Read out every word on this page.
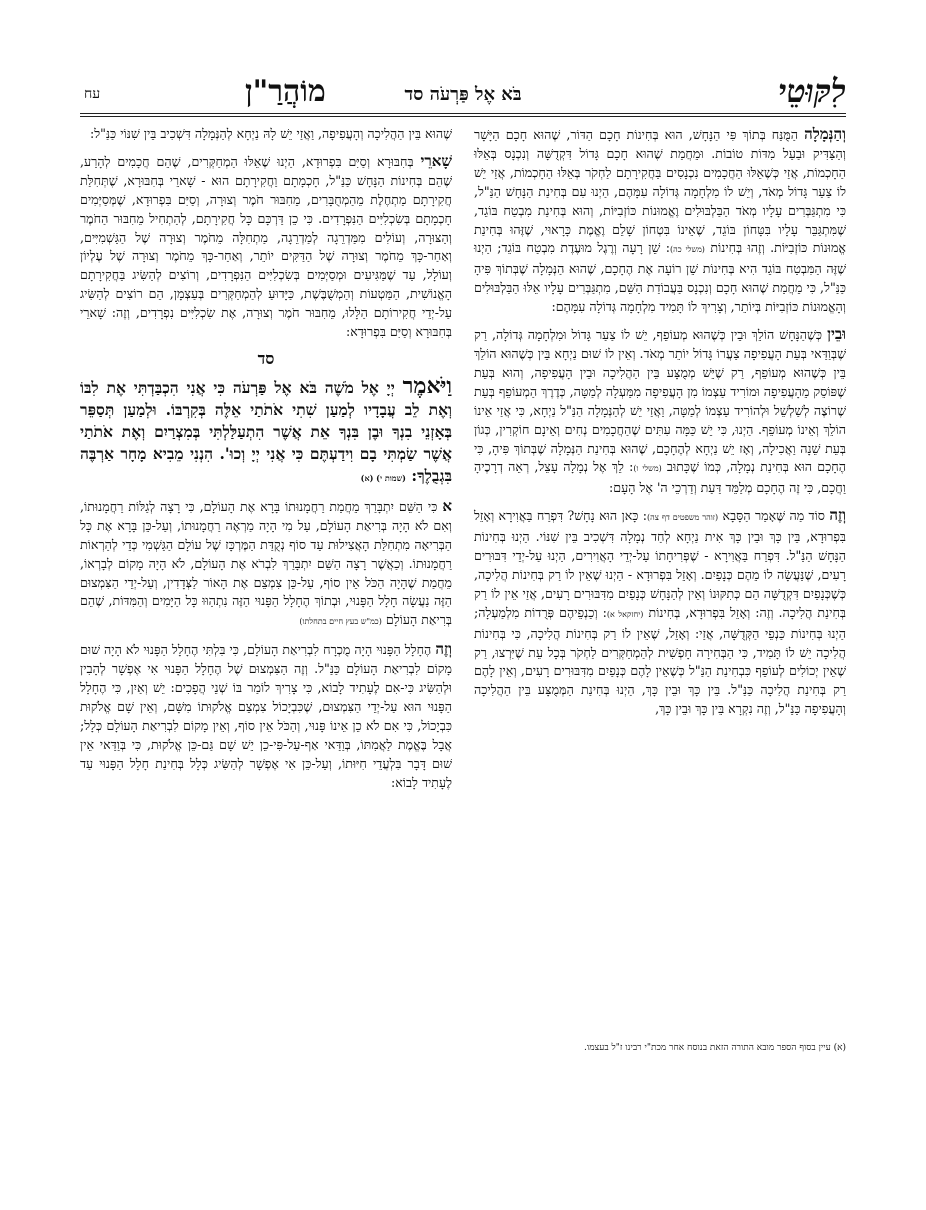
לִקּוּטֵי
בֹּא אֶל פַּרְעֹה סד
מוֹהֲרַ"ן
עח

וְהַנְּמָלָה הַמֻּנַּח בְּתוֹךְ פִּי הַנָּחָשׁ, הוּא בְּחִינוֹת חָכָם הַדּוֹר, שֶׁהוּא חָכָם הַיָּשָׁר וְהַצַּדִּיק וּבַעַל מִדּוֹת טוֹבוֹת. וּמֵחֲמַת שֶׁהוּא חָכָם גָּדוֹל דִּקְדֻשָּׁה וְנִכְנָס בְּאֵלּוּ הַחָכְמוֹת, אֲזַי כְּשֶׁאֵלּוּ הַחֲכָמִים נִכְנָסִים בַּחֲקִירָתָם לַחְקֹר בְּאֵלּוּ הַחָכְמוֹת, אֲזַי יֵשׁ לוֹ צַעַר גָּדוֹל מְאֹד, וְיֵשׁ לוֹ מִלְחָמָה גְּדוֹלָה עִמָּהֶם, הַיְנוּ עִם בְּחִינַת הַנָּחָשׁ הַנַּ"ל, כִּי מִתְגַּבְּרִים עָלָיו מְאֹד הַבַּלְבּוּלִים וֶאֱמוּנוֹת כּוֹזְבִיּוֹת, וְהוּא בְּחִינַת מִבְטַח בּוֹגֵד, שֶׁמִּתְגַּבֵּר עָלָיו בִּטָּחוֹן בּוֹגֵד, שֶׁאֵינוֹ בִּטְחוֹן שָׁלֵם וֶאֱמֶת כָּרָאוּי, שֶׁזֶּהוּ בְּחִינַת אֱמוּנוֹת כּוֹזְבִיּוֹת. וְזֶהוּ בְּחִינוֹת (משלי כה): שֵׁן רָעָה וְרֶגֶל מוּעֶדֶת מִבְטַח בּוֹגֵד; הַיְנוּ שֶׁזֶּה הַמִּבְטַח בּוֹגֵד הִיא בְּחִינוֹת שֵׁן רוֹעָה אֶת הֶחָכָם, שֶׁהוּא הַנְּמָלָה שֶׁבְּתוֹךְ פִּיהָ כַּנַּ"ל, כִּי מֵחֲמַת שֶׁהוּא חָכָם וְנִכְנָס בַּעֲבוֹדַת הַשֵּׁם, מִתְגַּבְּרִים עָלָיו אֵלּוּ הַבַּלְבּוּלִים וְהָאֱמוּנוֹת כּוֹזְבִיּוֹת בְּיוֹתֵר, וְצָרִיךְ לוֹ תָּמִיד מִלְחָמָה גְּדוֹלָה עִמָּהֶם:

וּבֵין כְּשֶׁהַנָּחָשׁ הוֹלֵךְ וּבֵין כְּשֶׁהוּא מְעוֹפֵף, יֵשׁ לוֹ צַעַר גָּדוֹל וּמִלְחָמָה גְּדוֹלָה, רַק שֶׁבְּוַדַּאי בְּעֵת הָעֲפִיפָה צַעֲרוֹ גָּדוֹל יוֹתֵר מְאֹד. וְאֵין לוֹ שׁוּם נַיְחָא בֵּין כְּשֶׁהוּא הוֹלֵךְ בֵּין כְּשֶׁהוּא מְעוֹפֵף, רַק שֶׁיֵּשׁ מְמֻצָּע בֵּין הַהֲלִיכָה וּבֵין הָעֲפִיפָה, וְהוּא בְּעֵת שֶׁפּוֹסֵק מֵהָעֲפִיפָה וּמוֹרִיד עַצְמוֹ מִן הָעֲפִיפָה מִמַּעְלָה לְמַטָּה, כְּדֶרֶךְ הַמְעוֹפֵף בְּעֵת שֶׁרוֹצֶה לְשַׁלְשֵׁל וּלְהוֹרִיד עַצְמוֹ לְמַטָּה, וַאֲזַי יֵשׁ לְהַנְּמָלָה הַנַּ"ל נַיְחָא, כִּי אֲזַי אֵינוֹ הוֹלֵךְ וְאֵינוֹ מְעוֹפֵף. הַיְנוּ, כִּי יֵשׁ כַּמָּה עִתִּים שֶׁהַחֲכָמִים נְחִים וְאֵינָם חוֹקְרִין, כְּגוֹן בְּעֵת שֵׁנָה וַאֲכִילָה, וְאָז יֵשׁ נַיְחָא לְהֶחָכָם, שֶׁהוּא בְּחִינַת הַנְּמָלָה שֶׁבְּתוֹךְ פִּיהָ, כִּי הֶחָכָם הוּא בְּחִינַת נְמָלָה, כְּמוֹ שֶׁכָּתוּב (משלי ו): לֵךְ אֶל נְמָלָה עָצֵל, רְאֵה דְרָכֶיהָ וַחֲכָם, כִּי זֶה הֶחָכָם מְלַמֵּד דַּעַת וְדַרְכֵי ה' אֶל הָעָם:

וְזֶה סוֹד מַה שֶּׁאָמַר הַסָּבָא (זוהר משפטים דף צה): כָּאן הוּא נָחָשׁ? דִּפְרַח בַּאֲוִירָא וְאָזֵל בִּפְרוּדָא, בֵּין כָּךְ וּבֵין כָּךְ אִית נַיְחָא לְחַד נְמָלָה דִּשְׁכִיב בֵּין שִׁנּוֹי. הַיְנוּ בְּחִינוֹת הַנָּחָשׁ הַנַּ"ל. דִּפְרַח בַּאֲוִירָא - שֶׁפְּרִיחָתוֹ עַל-יְדֵי הָאֲוִירִים, הַיְנוּ עַל-יְדֵי דִּבּוּרִים רָעִים, שֶׁנַּעֲשָׂה לוֹ מֵהֶם כְּנָפַיִם. וְאָזֵל בִּפְרוּדָא - הַיְנוּ שֶׁאֵין לוֹ רַק בְּחִינוֹת הֲלִיכָה, כְּשֶׁכְּנָפַיִם דִּקְדֻשָּׁה הֵם כְּתִקּוּנוֹ וְאֵין לְהַנָּחָשׁ כְּנָפַיִם מִדִּבּוּרִים רָעִים, אֲזַי אֵין לוֹ רַק בְּחִינַת הֲלִיכָה. וְזֶה: וְאָזֵל בִּפְרוּדָא, בְּחִינוֹת (יחזקאל א): וְכַנְפֵיהֶם פְּרֻדוֹת מִלְמַעְלָה; הַיְנוּ בְּחִינוֹת כַּנְפֵי הַקְּדֻשָּׁה, אֲזַי: וְאָזֵל, שֶׁאֵין לוֹ רַק בְּחִינוֹת הֲלִיכָה, כִּי בְּחִינוֹת הֲלִיכָה יֵשׁ לוֹ תָּמִיד, כִּי הַבְּחִירָה חָפְשִׁית לְהַמְחַקְּרִים לַחְקֹר בְּכָל עֵת שֶׁיִּרְצוּ, רַק שֶׁאֵין יְכוֹלִים לְעוֹפֵף כִּבְחִינַת הַנַּ"ל כְּשֶׁאֵין לָהֶם כְּנָפַיִם מִדִּבּוּרִים רָעִים, וְאֵין לָהֶם רַק בְּחִינַת הֲלִיכָה כַּנַּ"ל. בֵּין כָּךְ וּבֵין כָּךְ, הַיְנוּ בְּחִינַת הַמְּמֻצָּע בֵּין הַהֲלִיכָה וְהָעֲפִיפָה כַּנַּ"ל, וְזֶה נִקְרָא בֵּין כָּךְ וּבֵין כָּךְ,

שֶׁהוּא בֵּין הַהֲלִיכָה וְהָעֲפִיפָה, וַאֲזַי יֵשׁ לָהּ נַיְחָא לְהַנְּמָלָה דִּשְׁכִיב בֵּין שִׁנּוֹי כַּנַּ"ל:

שָׁארֵי בְּחִבּוּרָא וְסַיִּם בִּפְרוּדָא, הַיְנוּ שֶׁאֵלּוּ הַמְחַקְּרִים, שֶׁהֵם חֲכָמִים לְהָרַע, שֶׁהֵם בְּחִינוֹת הַנָּחָשׁ כַּנַּ"ל, חָכְמָתָם וַחֲקִירָתָם הוּא - שָׁארֵי בְּחִבּוּרָא, שֶׁתְּחִלַּת חֲקִירָתָם מַתְחֶלֶת מֵהַמְחֻבָּרִים, מֵחִבּוּר חֹמֶר וְצוּרָה, וְסַיִּם בִּפְרוּדָא, שֶׁמְּסַיְּמִים חָכְמָתָם בְּשִׂכְלִיִּים הַנִּפְרָדִים. כִּי כֵן דַּרְכָּם כָּל חֲקִירָתָם, לְהַתְחִיל מֵחִבּוּר הַחֹמֶר וְהַצּוּרָה, וְעוֹלִים מִמַּדְרֵגָה לְמַדְרֵגָה, מַתְחִלָּה מֵחֹמֶר וְצוּרָה שֶׁל הַגַּשְׁמִיִּים, וְאַחַר-כָּךְ מֵחֹמֶר וְצוּרָה שֶׁל הַדַּקִּים יוֹתֵר, וְאַחַר-כָּךְ מֵחֹמֶר וְצוּרָה שֶׁל עֶלְיוֹן וְעוֹלָל, עַד שֶׁמַּגִּיעִים וּמְסַיְּמִים בְּשִׂכְלִיִּים הַנִּפְרָדִים, וְרוֹצִים לְהַשִּׂיג בַּחֲקִירָתָם הָאֱנוֹשִׁית, הַמַּטְעוֹת וְהַמְשֻׁבֶּשֶׁת, כַּיָּדוּעַ לְהַמְחַקְּרִים בְּעַצְמָן, הֵם רוֹצִים לְהַשִּׂיג עַל-יְדֵי חֲקִירוֹתָם הַלָּלוּ, מֵחִבּוּר חֹמֶר וְצוּרָה, אֶת שִׂכְלִיִּים נִפְרָדִים, וְזֶה: שָׁארֵי בְּחִבּוּרָא וְסַיִּם בִּפְרוּדָא:

סד

וַיֹּאמֶר יְיָ אֶל מֹשֶׁה בֹּא אֶל פַּרְעֹה כִּי אֲנִי הִכְבַּדְתִּי אֶת לִבּוֹ וְאֶת לֵב עֲבָדָיו לְמַעַן שִׁתִי אֹתֹתַי אֵלֶּה בְּקִרְבּוֹ. וּלְמַעַן תְּסַפֵּר בְּאָזְנֵי בִנְךָ וּבֶן בִּנְךָ אֵת אֲשֶׁר הִתְעַלַּלְתִּי בְּמִצְרַיִם וְאֶת אֹתֹתַי אֲשֶׁר שַׂמְתִּי בָם וִידַעְתֶּם כִּי אֲנִי יְיָ וְכוּ'. הִנְנִי מֵבִיא מָחָר אַרְבֶּה בִּגְבֻלֶךָ: (שמות י) (א)

א כִּי הַשֵּׁם יִתְבָּרַךְ מֵחֲמַת רַחֲמָנוּתוֹ בָּרָא אֶת הָעוֹלָם, כִּי רָצָה לְגַלּוֹת רַחֲמָנוּתוֹ, וְאִם לֹא הָיָה בְּרִיאַת הָעוֹלָם, עַל מִי הָיָה מַרְאֶה רַחֲמָנוּתוֹ, וְעַל-כֵּן בָּרָא אֶת כָּל הַבְּרִיאָה מִתְחִלַּת הָאֲצִילוּת עַד סוֹף נְקֻדַּת הַמֶּרְכָּז שֶׁל עוֹלָם הַגַּשְׁמִי כְּדֵי לְהַרְאוֹת רַחֲמָנוּתוֹ. וְכַאֲשֶׁר רָצָה הַשֵּׁם יִתְבָּרַךְ לִבְרֹא אֶת הָעוֹלָם, לֹא הָיָה מָקוֹם לְבָרְאוֹ, מֵחֲמַת שֶׁהָיָה הַכֹּל אֵין סוֹף, עַל-כֵּן צִמְצֵם אֶת הָאוֹר לַצְּדָדִין, וְעַל-יְדֵי הַצִּמְצוּם הַזֶּה נַעֲשָׂה חָלָל הַפָּנוּי, וּבְתוֹךְ הֶחָלָל הַפָּנוּי הַזֶּה נִתְהַוּוּ כָּל הַיָּמִים וְהַמִּדּוֹת, שֶׁהֵם בְּרִיאַת הָעוֹלָם (כמ"ש בעץ חיים בתחלתו)

וְזֶה הֶחָלָל הַפָּנוּי הָיָה מֻכְרָח לִבְרִיאַת הָעוֹלָם, כִּי בִּלְתִּי הֶחָלָל הַפָּנוּי לֹא הָיָה שׁוּם מָקוֹם לִבְרִיאַת הָעוֹלָם כַּנַּ"ל. וְזֶה הַצִּמְצוּם שֶׁל הֶחָלָל הַפָּנוּי אִי אֶפְשָׁר לְהָבִין וּלְהַשִּׂיג כִּי-אִם לֶעָתִיד לָבוֹא, כִּי צָרִיךְ לוֹמַר בּוֹ שְׁנֵי הֲפָכִים: יֵשׁ וְאַיִן, כִּי הֶחָלָל הַפָּנוּי הוּא עַל-יְדֵי הַצִּמְצוּם, שֶׁכִּבְיָכוֹל צִמְצֵם אֱלֹקוּתוֹ מִשָּׁם, וְאֵין שָׁם אֱלֹקוּת כִּבְיָכוֹל, כִּי אִם לֹא כֵן אֵינוֹ פָּנוּי, וְהַכֹּל אֵין סוֹף, וְאֵין מָקוֹם לִבְרִיאַת הָעוֹלָם כְּלָל; אֲבָל בֶּאֱמֶת לַאֲמִתּוֹ, בְּוַדַּאי אַף-עַל-פִּי-כֵן יֵשׁ שָׁם גַּם-כֵּן אֱלֹקוּת, כִּי בְּוַדַּאי אֵין שׁוּם דָּבָר בִּלְעֲדֵי חִיּוּתוֹ, וְעַל-כֵּן אִי אֶפְשָׁר לְהַשִּׂיג כְּלָל בְּחִינַת חָלָל הַפָּנוּי עַד לֶעָתִיד לָבוֹא:

(א) עיין בסוף הספר מובא התורה הזאת בנוסח אחר מכת"י רבינו ז"ל בעצמו.
